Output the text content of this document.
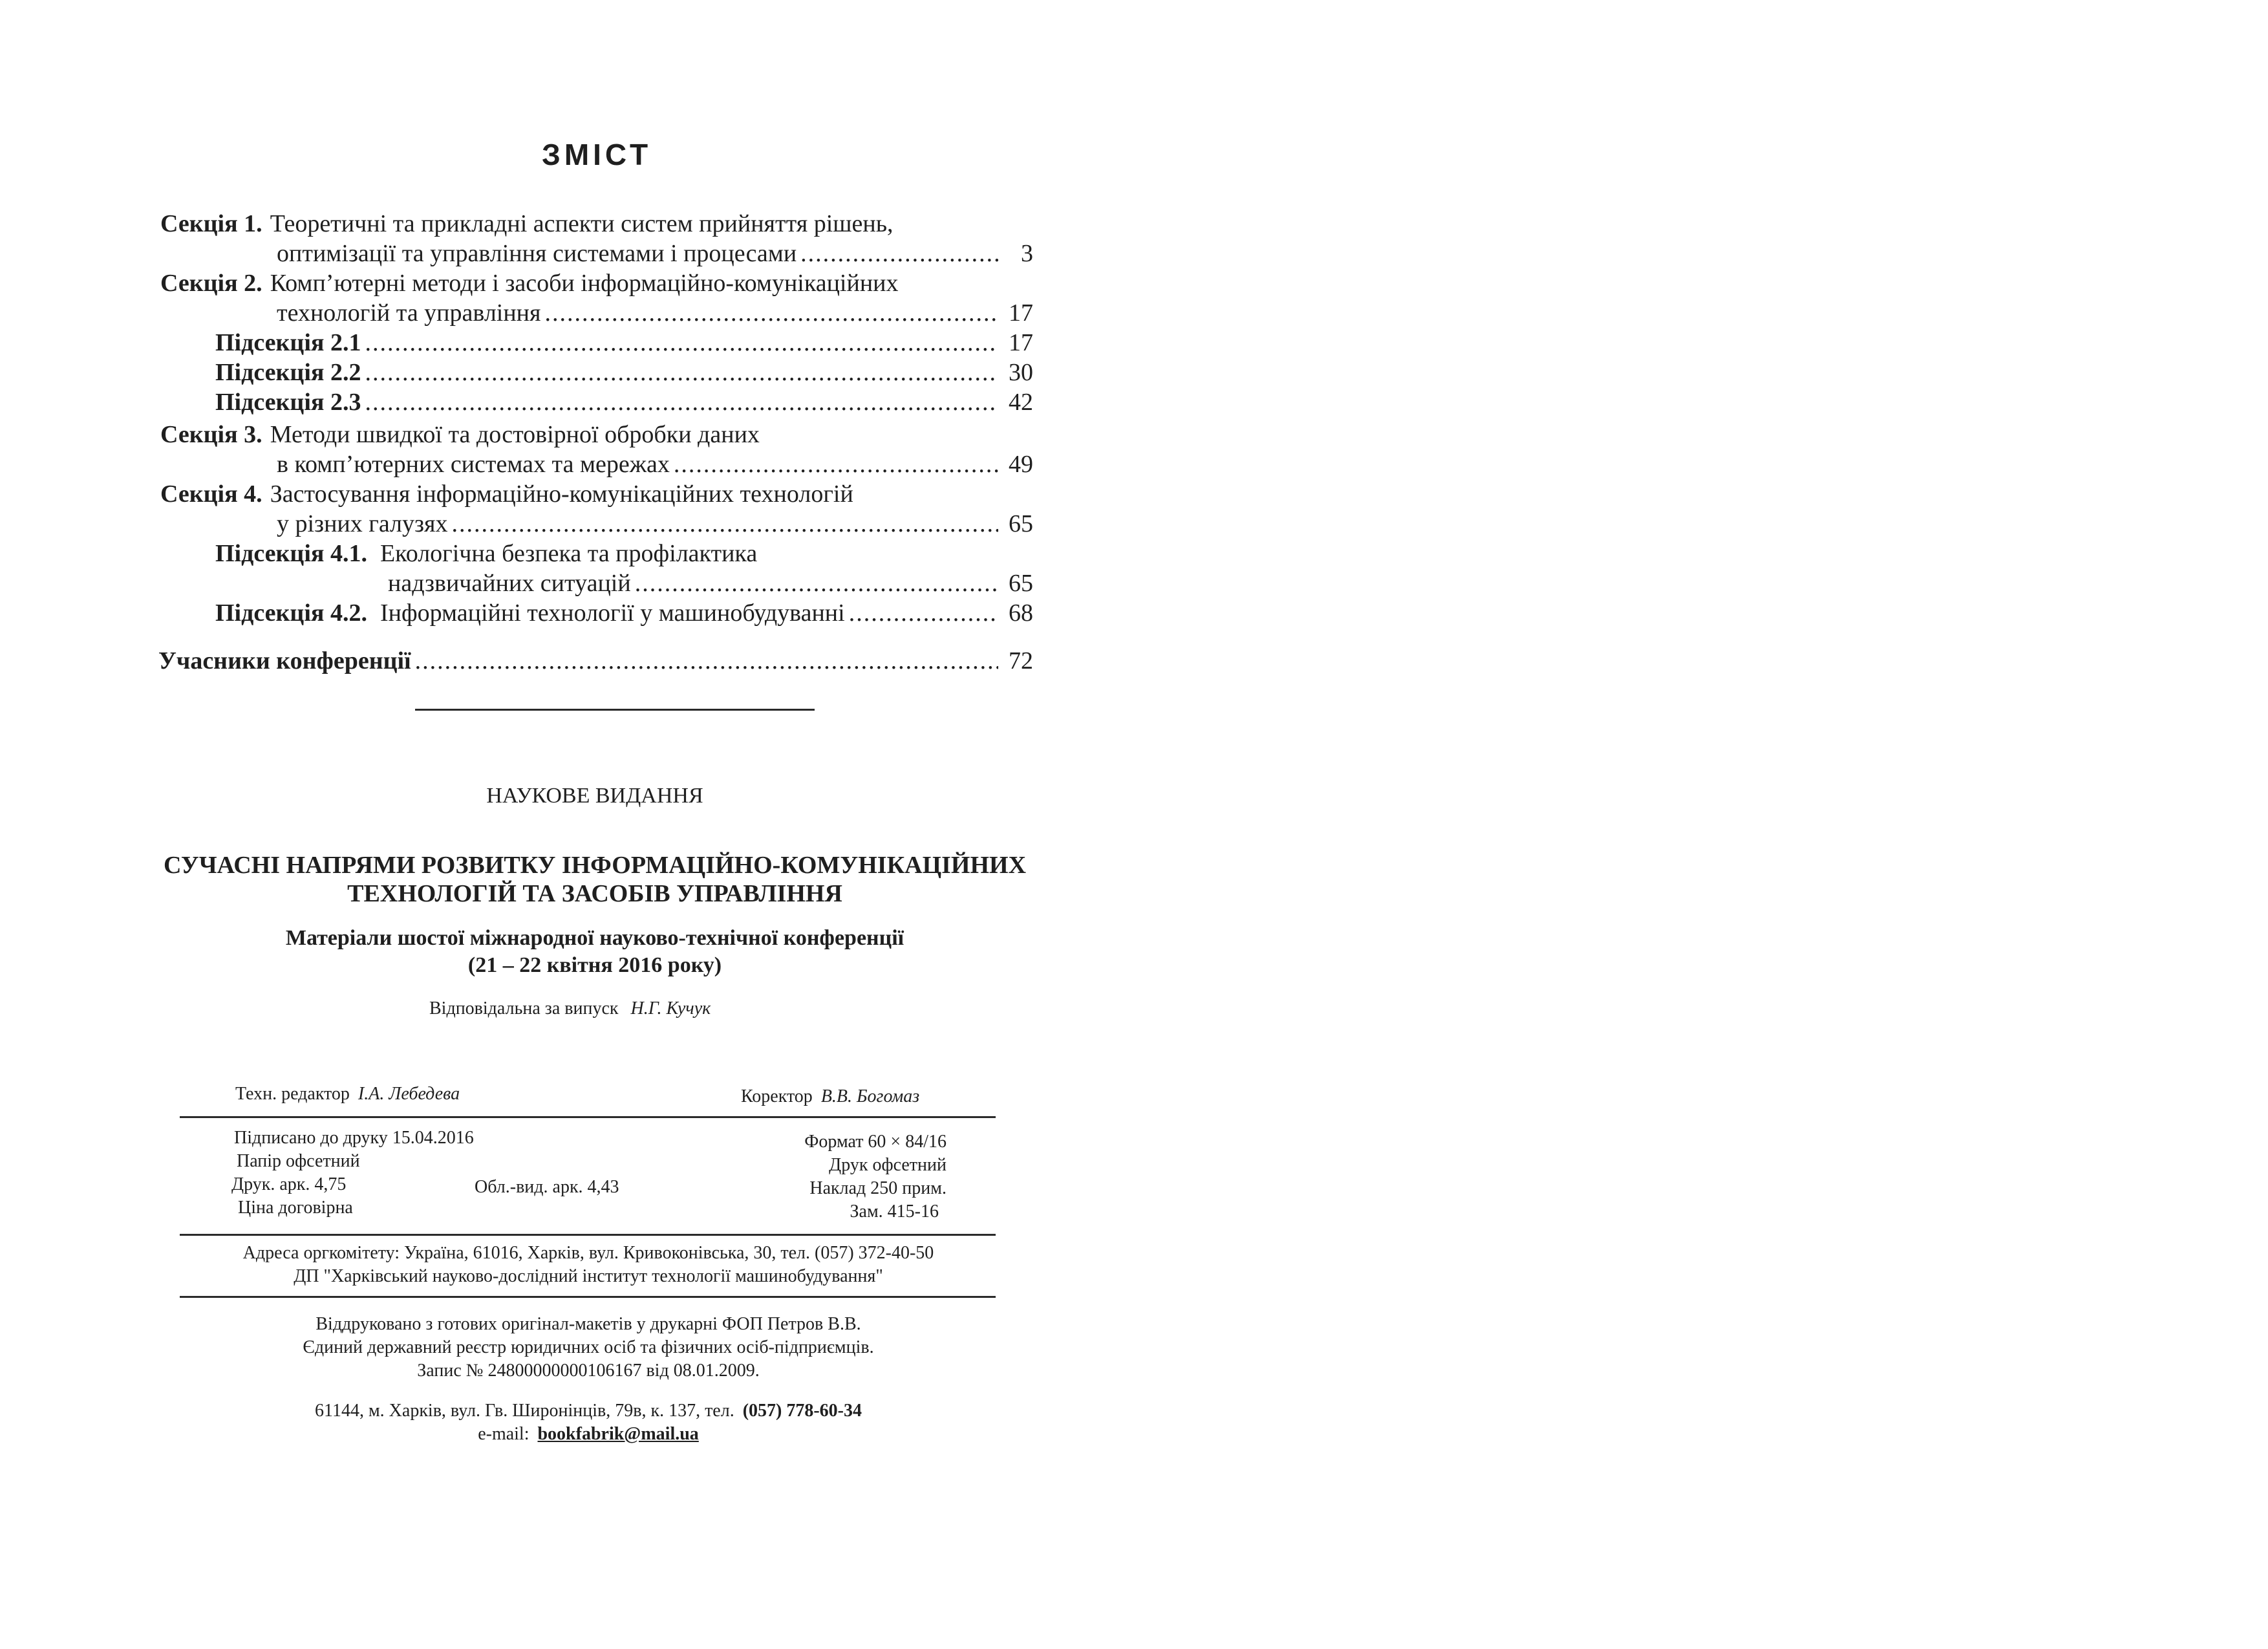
ЗМІСТ
Секція 1. Теоретичні та прикладні аспекти систем прийняття рішень,
оптимізації та управління системами і процесами .....	3
Секція 2. Комп’ютерні методи і засоби інформаційно-комунікаційних
технологій та управління .....	17
Підсекція 2.1 .....	17
Підсекція 2.2 .....	30
Підсекція 2.3 .....	42
Секція 3. Методи швидкої та достовірної обробки даних
в комп’ютерних системах та мережах .....	49
Секція 4. Застосування інформаційно-комунікаційних технологій
у різних галузях .....	65
Підсекція 4.1. Екологічна безпека та профілактика
надзвичайних ситуацій .....	65
Підсекція 4.2. Інформаційні технології у машинобудуванні .....	68
Учасники конференції .....	72
НАУКОВЕ ВИДАННЯ
СУЧАСНІ НАПРЯМИ РОЗВИТКУ ІНФОРМАЦІЙНО-КОМУНІКАЦІЙНИХ
ТЕХНОЛОГІЙ ТА ЗАСОБІВ УПРАВЛІННЯ
Матеріали шостої міжнародної науково-технічної конференції
(21 – 22 квітня 2016 року)
Відповідальна за випуск Н.Г. Кучук
Техн. редактор І.А. Лебедева	Коректор В.В. Богомаз
Підписано до друку 15.04.2016
Папір офсетний
Друк. арк. 4,75
Ціна договірна
Обл.-вид. арк. 4,43
Формат 60 × 84/16
Друк офсетний
Наклад 250 прим.
Зам. 415-16
Адреса оргкомітету: Україна, 61016, Харків, вул. Кривоконівська, 30, тел. (057) 372-40-50
ДП "Харківський науково-дослідний інститут технології машинобудування"
Віддруковано з готових оригінал-макетів у друкарні ФОП Петров В.В.
Єдиний державний реєстр юридичних осіб та фізичних осіб-підприємців.
Запис № 24800000000106167 від 08.01.2009.
61144, м. Харків, вул. Гв. Широнінців, 79в, к. 137, тел. (057) 778-60-34
e-mail: bookfabrik@mail.ua
